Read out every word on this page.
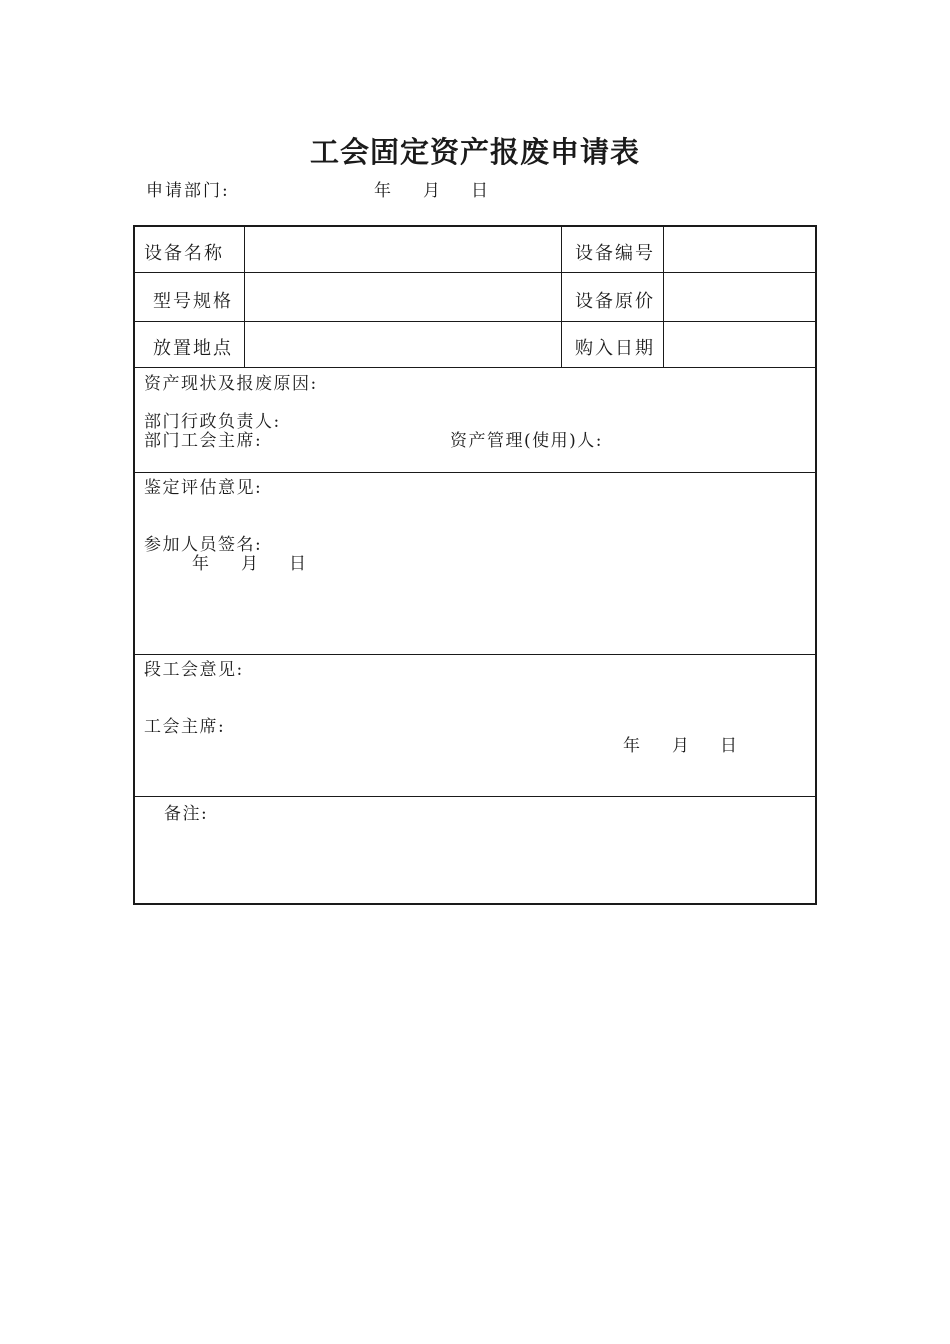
工会固定资产报废申请表
申请部门:	年 月 日
设备名称	设备编号
型号规格	设备原价
放置地点	购入日期
资产现状及报废原因:
部门行政负责人:
部门工会主席:	资产管理(使用)人:
鉴定评估意见:
参加人员签名:
年 月 日
段工会意见:
工会主席:
年 月 日
备注:
